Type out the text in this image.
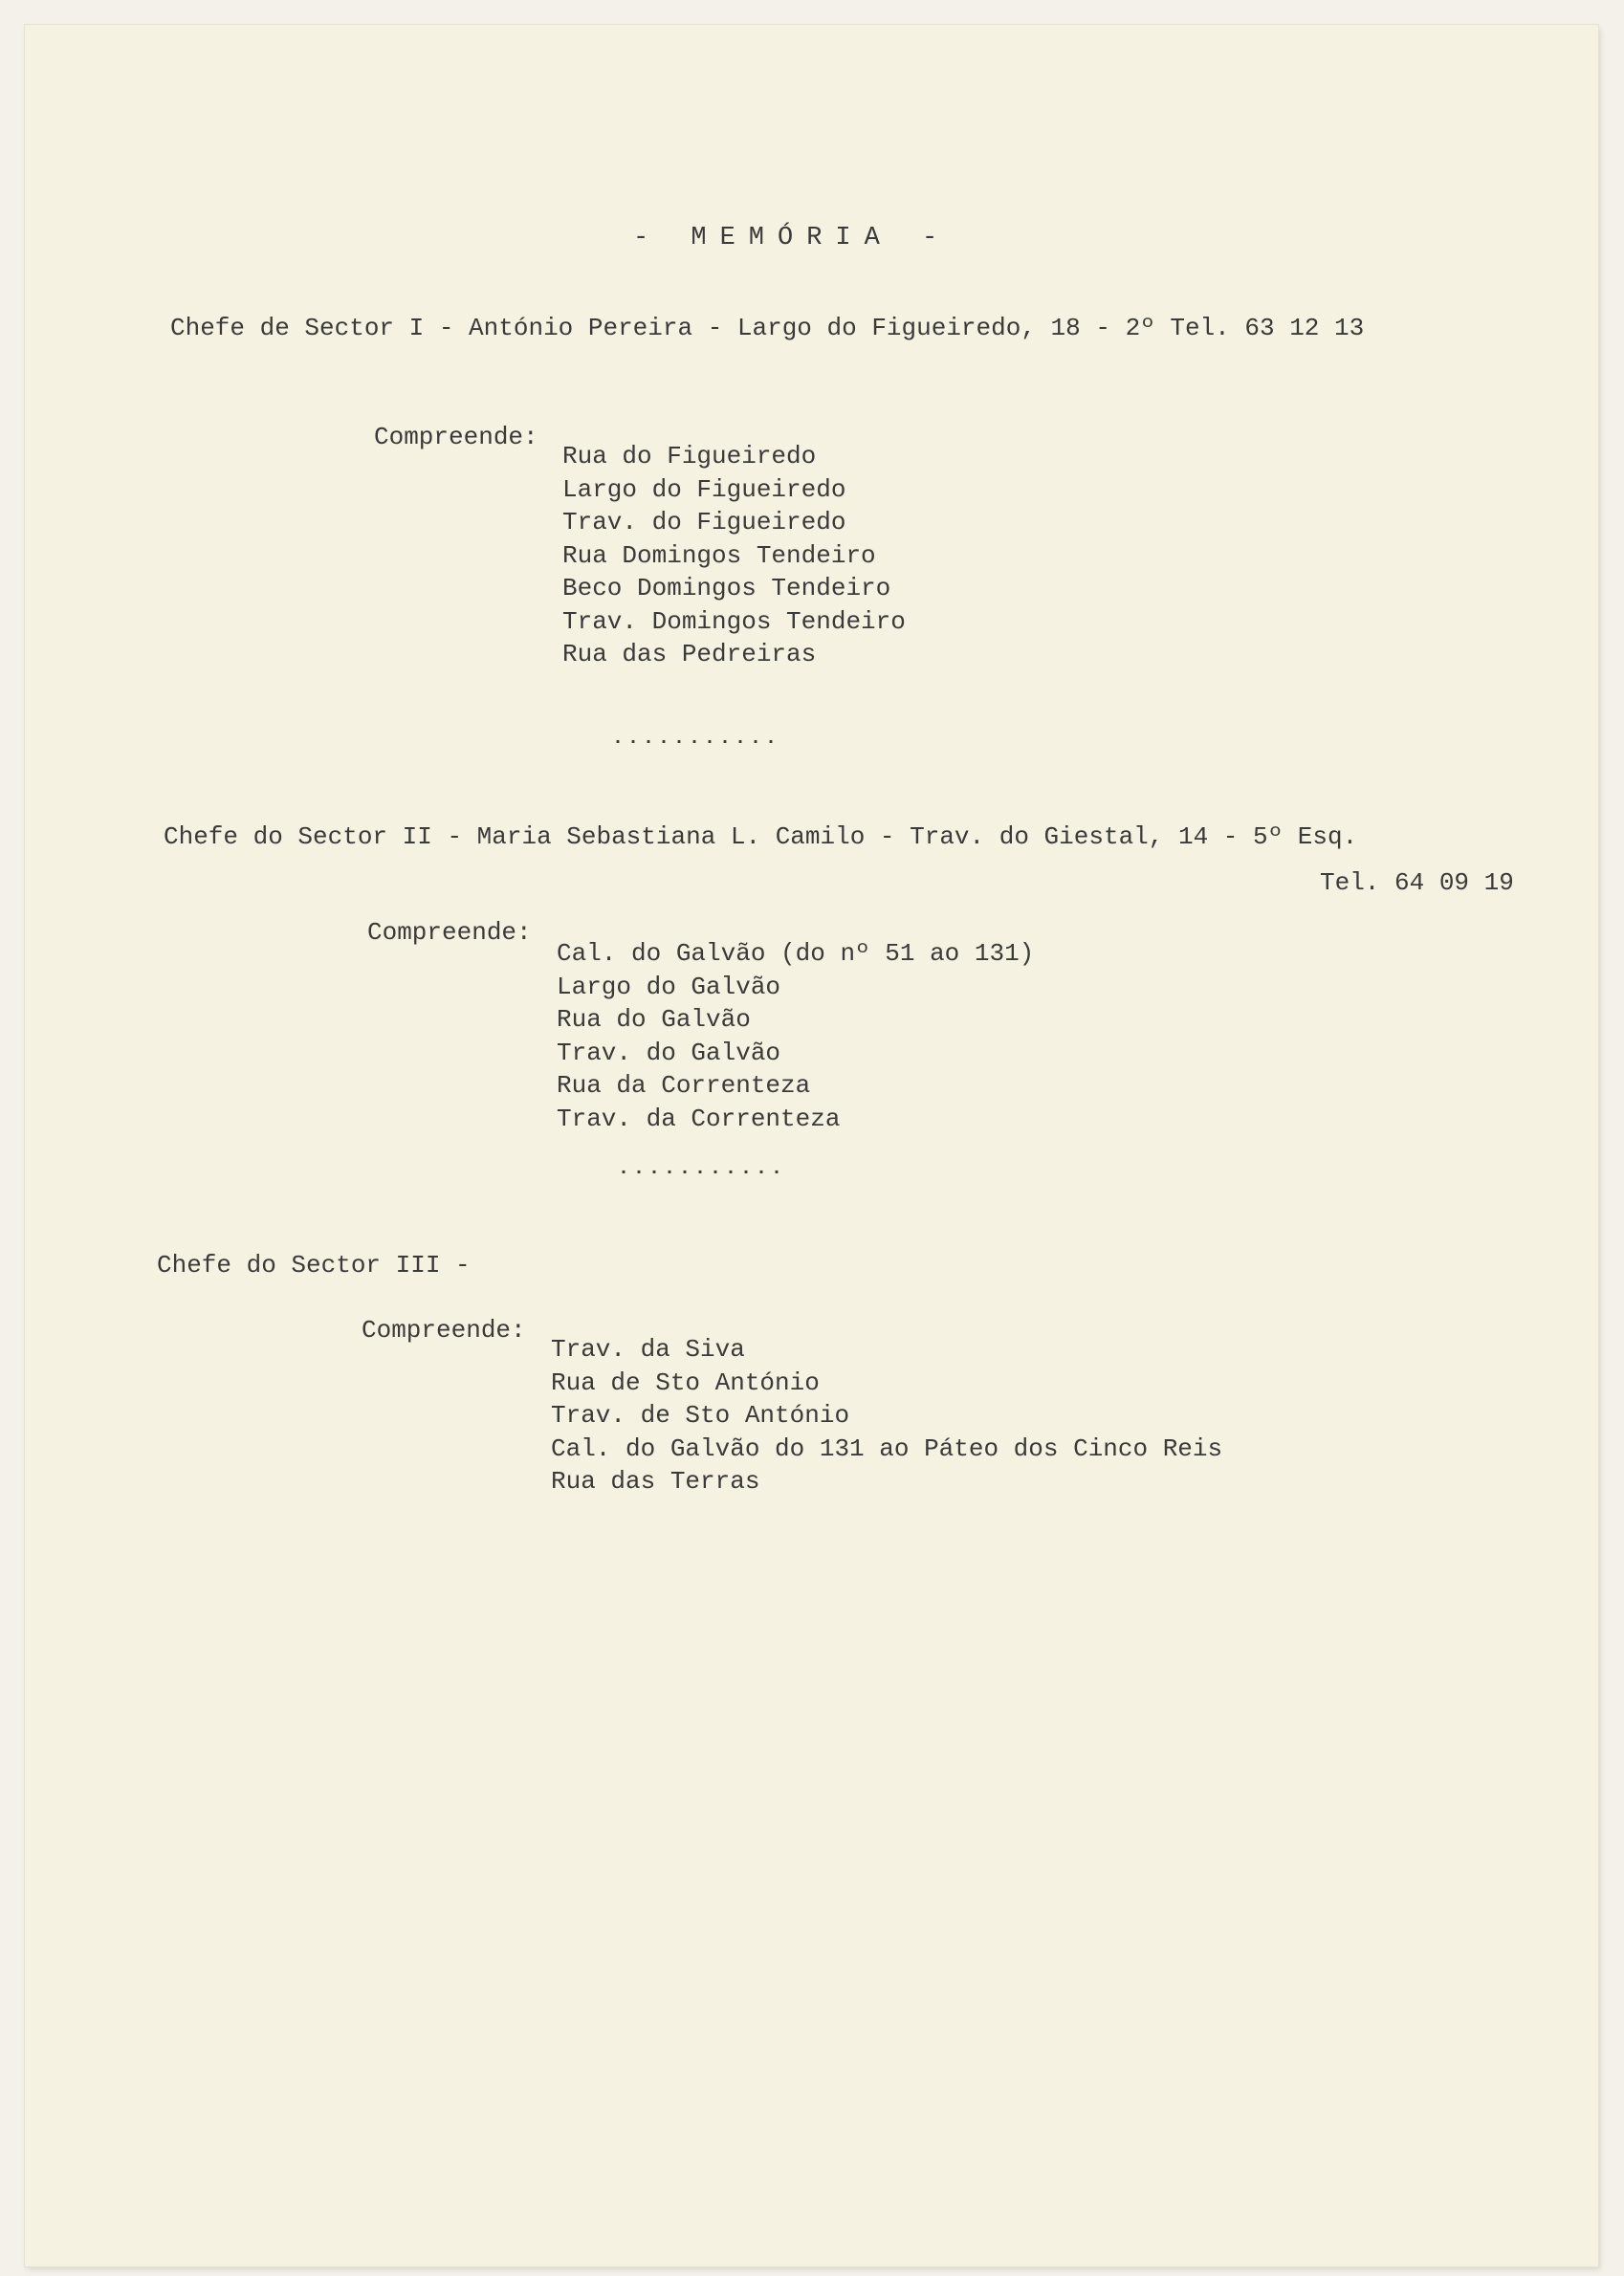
- MEMÓRIA -
Chefe de Sector I - António Pereira - Largo do Figueiredo, 18 - 2º Tel. 63 12 13
Compreende:
Rua do Figueiredo
Largo do Figueiredo
Trav. do Figueiredo
Rua Domingos Tendeiro
Beco Domingos Tendeiro
Trav. Domingos Tendeiro
Rua das Pedreiras
...........
Chefe do Sector II - Maria Sebastiana L. Camilo - Trav. do Giestal, 14 - 5º Esq.
Tel. 64 09 19
Compreende:
Cal. do Galvão (do nº 51 ao 131)
Largo do Galvão
Rua do Galvão
Trav. do Galvão
Rua da Correnteza
Trav. da Correnteza
...........
Chefe do Sector III -
Compreende:
Trav. da Siva
Rua de Sto António
Trav. de Sto António
Cal. do Galvão do 131 ao Páteo dos Cinco Reis
Rua das Terras
